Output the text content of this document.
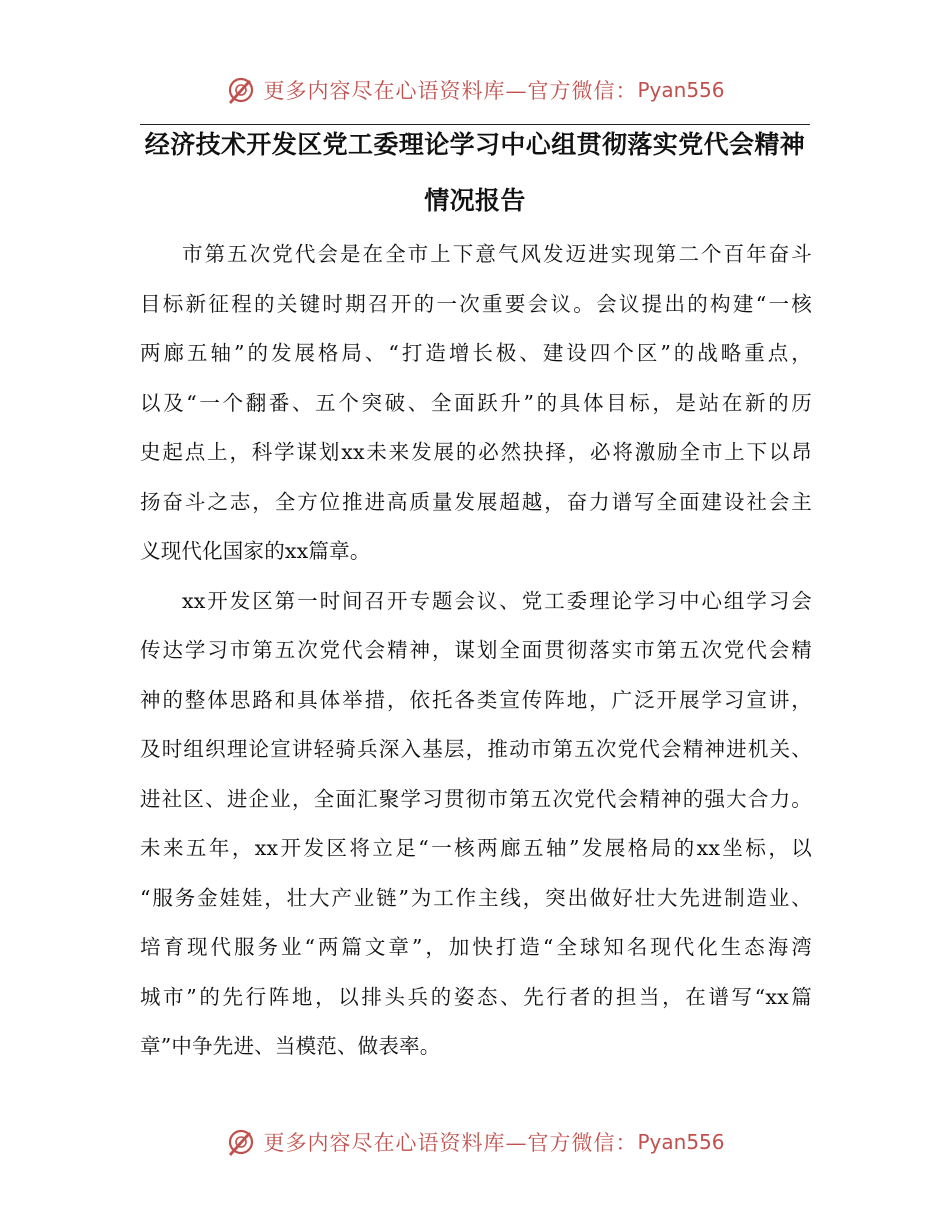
更多内容尽在心语资料库—官方微信： Pyan556
经济技术开发区党工委理论学习中心组贯彻落实党代会精神
情况报告
市第五次党代会是在全市上下意气风发迈进实现第二个百年奋斗
目标新征程的关键时期召开的一次重要会议。会议提出的构建“一核
两廊五轴”的发展格局、“打造增长极、建设四个区”的战略重点，
以及“一个翻番、五个突破、全面跃升”的具体目标，是站在新的历
史起点上，科学谋划xx未来发展的必然抉择，必将激励全市上下以昂
扬奋斗之志，全方位推进高质量发展超越，奋力谱写全面建设社会主
义现代化国家的xx篇章。
xx开发区第一时间召开专题会议、党工委理论学习中心组学习会
传达学习市第五次党代会精神，谋划全面贯彻落实市第五次党代会精
神的整体思路和具体举措，依托各类宣传阵地，广泛开展学习宣讲，
及时组织理论宣讲轻骑兵深入基层，推动市第五次党代会精神进机关、
进社区、进企业，全面汇聚学习贯彻市第五次党代会精神的强大合力。
未来五年，xx开发区将立足“一核两廊五轴”发展格局的xx坐标，以
“服务金娃娃，壮大产业链”为工作主线，突出做好壮大先进制造业、
培育现代服务业“两篇文章”，加快打造“全球知名现代化生态海湾
城市”的先行阵地，以排头兵的姿态、先行者的担当，在谱写“xx篇
章”中争先进、当模范、做表率。
更多内容尽在心语资料库—官方微信： Pyan556
